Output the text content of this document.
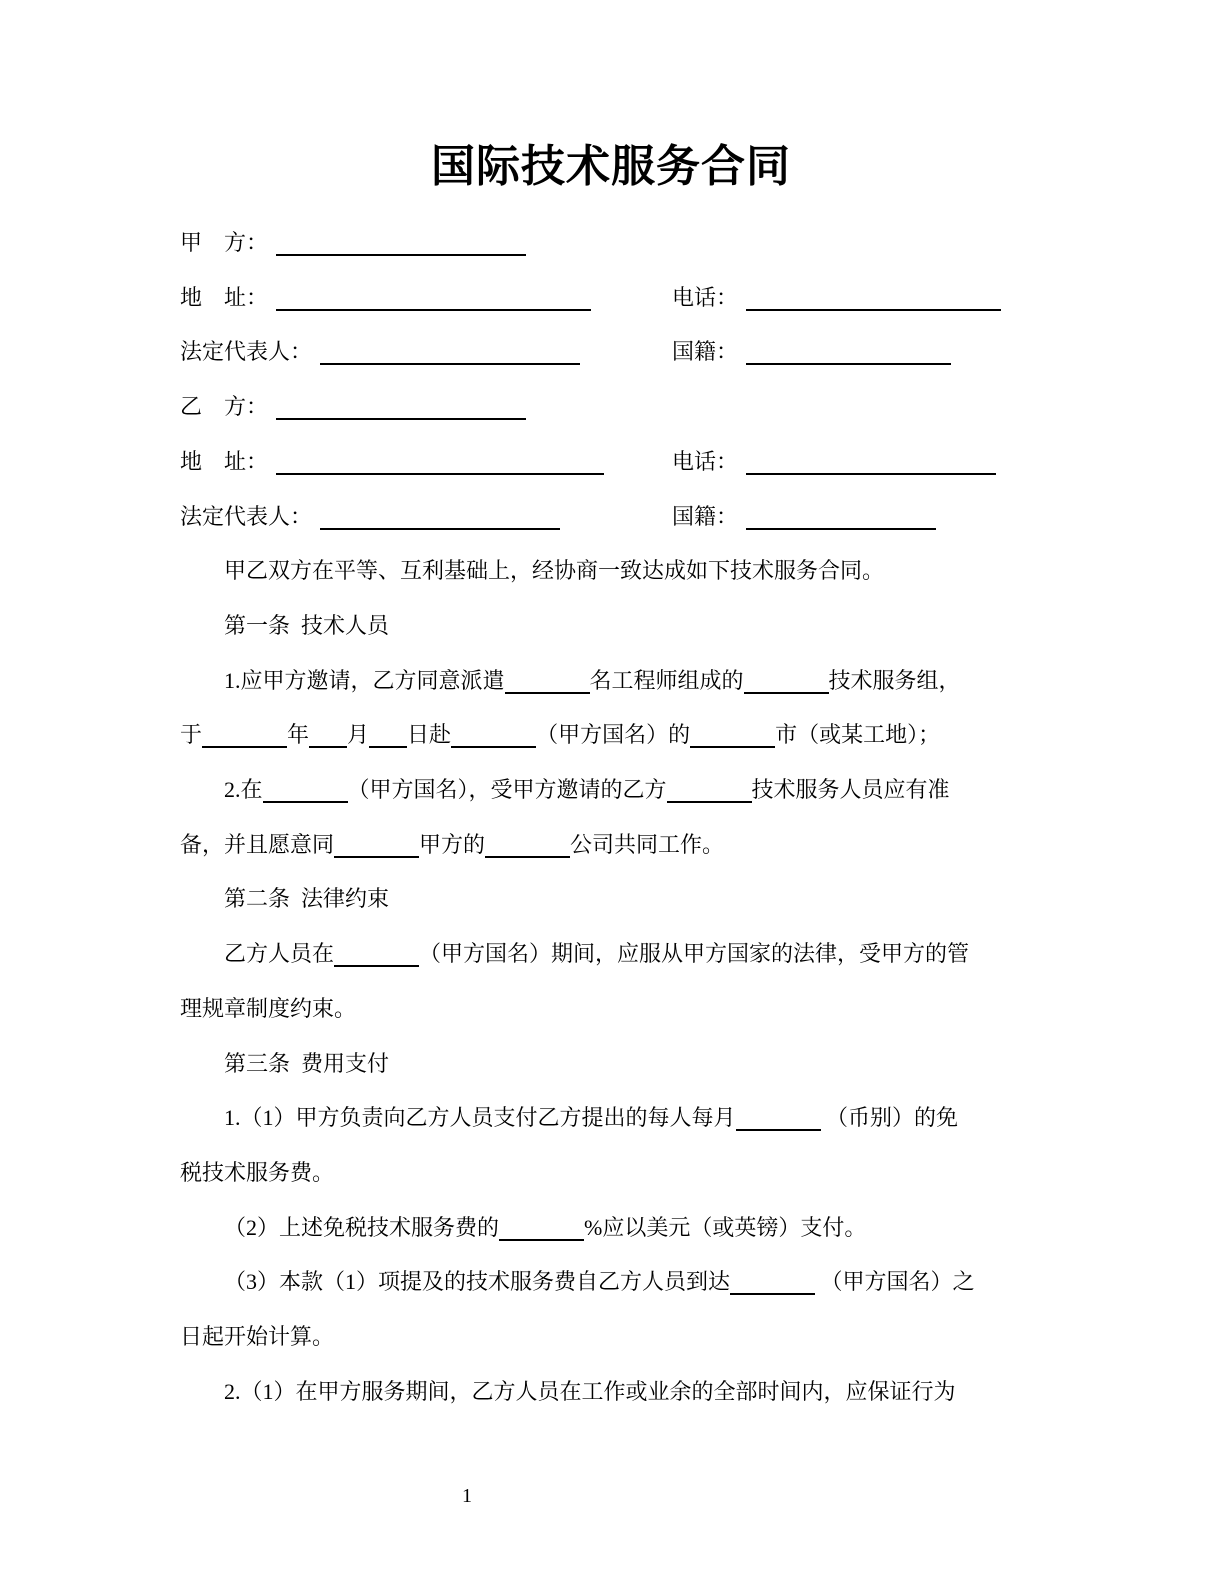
国际技术服务合同
甲　方：
地　址：	电话：
法定代表人：	国籍：
乙　方：
地　址：	电话：
法定代表人：	国籍：
甲乙双方在平等、互利基础上，经协商一致达成如下技术服务合同。
第一条  技术人员
1.应甲方邀请，乙方同意派遣	名工程师组成的	技术服务组，
于	年 月 日赴	（甲方国名）的	市（或某工地）；
2.在	（甲方国名），受甲方邀请的乙方	技术服务人员应有准
备，并且愿意同	甲方的	公司共同工作。
第二条  法律约束
乙方人员在	（甲方国名）期间，应服从甲方国家的法律，受甲方的管
理规章制度约束。
第三条  费用支付
1.（1）甲方负责向乙方人员支付乙方提出的每人每月	（币别）的免
税技术服务费。
（2）上述免税技术服务费的	%应以美元（或英镑）支付。
（3）本款（1）项提及的技术服务费自乙方人员到达	（甲方国名）之
日起开始计算。
2.（1）在甲方服务期间，乙方人员在工作或业余的全部时间内，应保证行为
1
